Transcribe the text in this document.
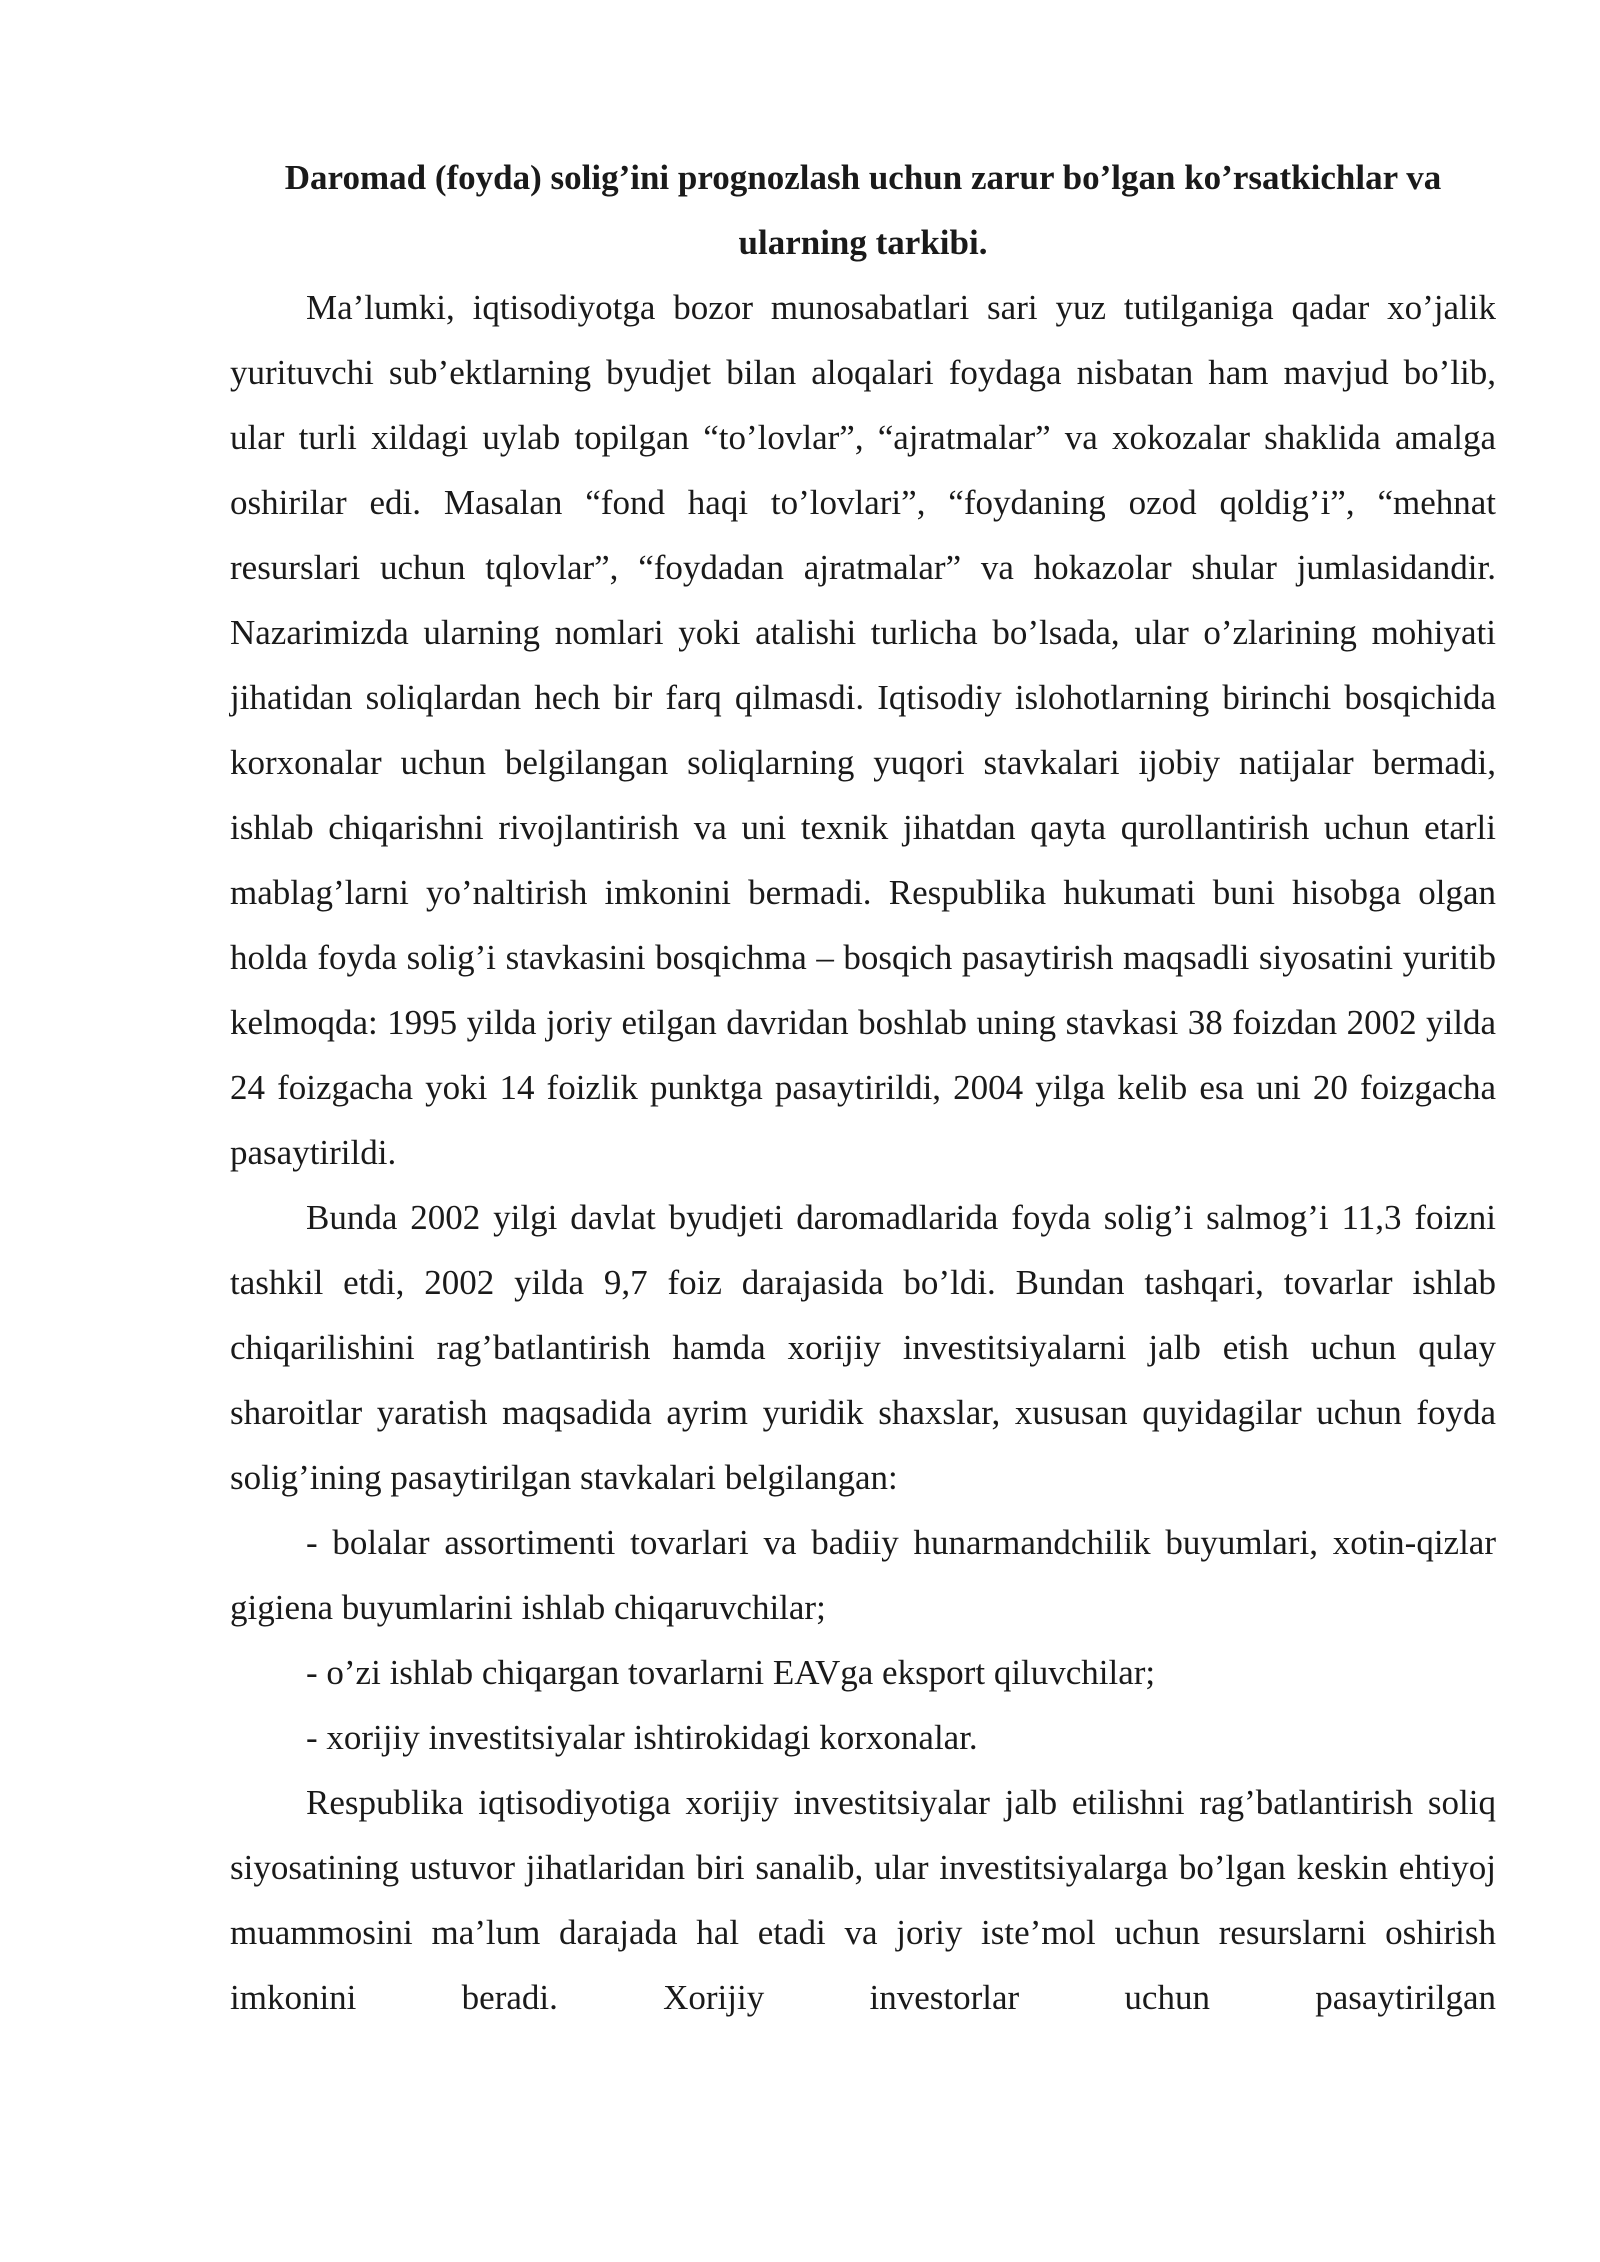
Daromad (foyda) solig’ini prognozlash uchun zarur bo’lgan ko’rsatkichlar va ularning tarkibi.

Ma’lumki, iqtisodiyotga bozor munosabatlari sari yuz tutilganiga qadar xo’jalik yurituvchi sub’ektlarning byudjet bilan aloqalari foydaga nisbatan ham mavjud bo’lib, ular turli xildagi uylab topilgan “to’lovlar”, “ajratmalar” va xokozalar shaklida amalga oshirilar edi. Masalan “fond haqi to’lovlari”, “foydaning ozod qoldig’i”, “mehnat resurslari uchun tqlovlar”, “foydadan ajratmalar” va hokazolar shular jumlasidandir. Nazarimizda ularning nomlari yoki atalishi turlicha bo’lsada, ular o’zlarining mohiyati jihatidan soliqlardan hech bir farq qilmasdi. Iqtisodiy islohotlarning birinchi bosqichida korxonalar uchun belgilangan soliqlarning yuqori stavkalari ijobiy natijalar bermadi, ishlab chiqarishni rivojlantirish va uni texnik jihatdan qayta qurollantirish uchun etarli mablag’larni yo’naltirish imkonini bermadi. Respublika hukumati buni hisobga olgan holda foyda solig’i stavkasini bosqichma – bosqich pasaytirish maqsadli siyosatini yuritib kelmoqda: 1995 yilda joriy etilgan davridan boshlab uning stavkasi 38 foizdan 2002 yilda 24 foizgacha yoki 14 foizlik punktga pasaytirildi, 2004 yilga kelib esa uni 20 foizgacha pasaytirildi.

Bunda 2002 yilgi davlat byudjeti daromadlarida foyda solig’i salmog’i 11,3 foizni tashkil etdi, 2002 yilda 9,7 foiz darajasida bo’ldi. Bundan tashqari, tovarlar ishlab chiqarilishini rag’batlantirish hamda xorijiy investitsiyalarni jalb etish uchun qulay sharoitlar yaratish maqsadida ayrim yuridik shaxslar, xususan quyidagilar uchun foyda solig’ining pasaytirilgan stavkalari belgilangan:

- bolalar assortimenti tovarlari va badiiy hunarmandchilik buyumlari, xotin-qizlar gigiena buyumlarini ishlab chiqaruvchilar;

- o’zi ishlab chiqargan tovarlarni EAVga eksport qiluvchilar;

- xorijiy investitsiyalar ishtirokidagi korxonalar.

Respublika iqtisodiyotiga xorijiy investitsiyalar jalb etilishni rag’batlantirish soliq siyosatining ustuvor jihatlaridan biri sanalib, ular investitsiyalarga bo’lgan keskin ehtiyoj muammosini ma’lum darajada hal etadi va joriy iste’mol uchun resurslarni oshirish imkonini beradi. Xorijiy investorlar uchun pasaytirilgan
